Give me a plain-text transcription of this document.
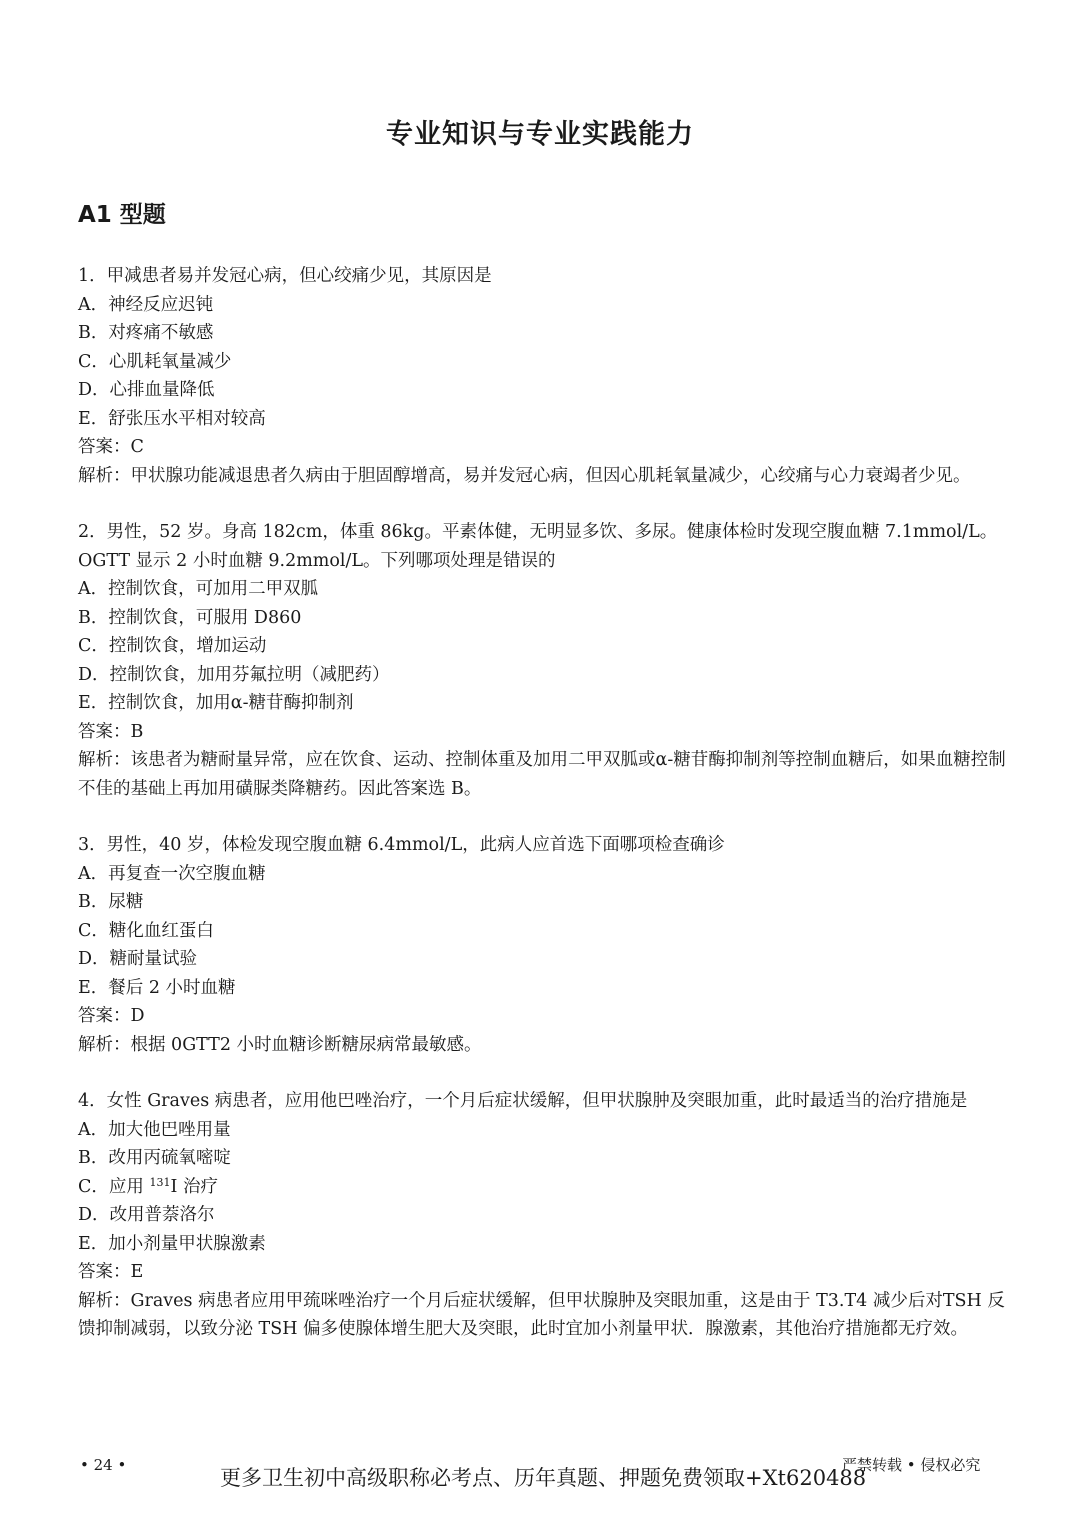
专业知识与专业实践能力
A1 型题
1．甲减患者易并发冠心病，但心绞痛少见，其原因是
A．神经反应迟钝
B．对疼痛不敏感
C．心肌耗氧量减少
D．心排血量降低
E．舒张压水平相对较高
答案：C
解析：甲状腺功能减退患者久病由于胆固醇增高，易并发冠心病，但因心肌耗氧量减少，心绞痛与心力衰竭者少见。
2．男性，52 岁。身高 182cm，体重 86kg。平素体健，无明显多饮、多尿。健康体检时发现空腹血糖 7.1mmol/L。OGTT 显示 2 小时血糖 9.2mmol/L。下列哪项处理是错误的
A．控制饮食，可加用二甲双胍
B．控制饮食，可服用 D860
C．控制饮食，增加运动
D．控制饮食，加用芬氟拉明（减肥药）
E．控制饮食，加用α-糖苷酶抑制剂
答案：B
解析：该患者为糖耐量异常，应在饮食、运动、控制体重及加用二甲双胍或α-糖苷酶抑制剂等控制血糖后，如果血糖控制不佳的基础上再加用磺脲类降糖药。因此答案选 B。
3．男性，40 岁，体检发现空腹血糖 6.4mmol/L，此病人应首选下面哪项检查确诊
A．再复查一次空腹血糖
B．尿糖
C．糖化血红蛋白
D．糖耐量试验
E．餐后 2 小时血糖
答案：D
解析：根据 0GTT2 小时血糖诊断糖尿病常最敏感。
4．女性 Graves 病患者，应用他巴唑治疗，一个月后症状缓解，但甲状腺肿及突眼加重，此时最适当的治疗措施是
A．加大他巴唑用量
B．改用丙硫氧嘧啶
C．应用 $^{131}$I 治疗
D．改用普萘洛尔
E．加小剂量甲状腺激素
答案：E
解析：Graves 病患者应用甲巯咪唑治疗一个月后症状缓解，但甲状腺肿及突眼加重，这是由于 T3.T4 减少后对TSH 反馈抑制减弱，以致分泌 TSH 偏多使腺体增生肥大及突眼，此时宜加小剂量甲状．腺激素，其他治疗措施都无疗效。
• 24 •
更多卫生初中高级职称必考点、历年真题、押题免费领取+Xt620488
严禁转载 • 侵权必究
